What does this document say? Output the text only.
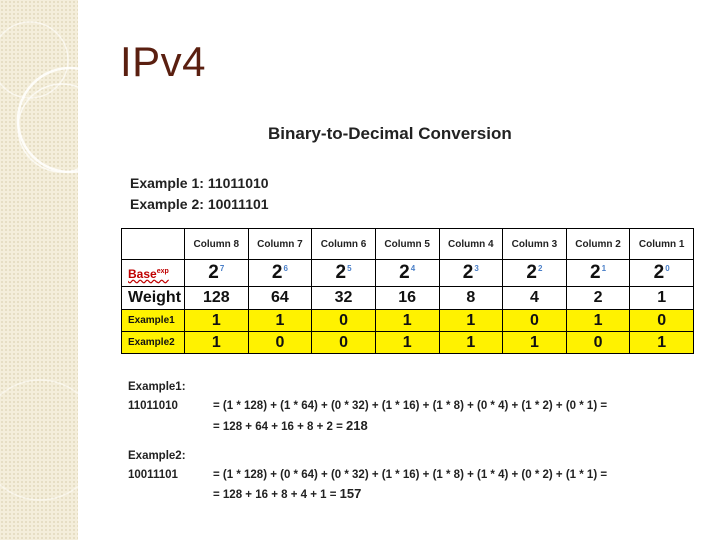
IPv4
Binary-to-Decimal Conversion
Example 1: 11011010
Example 2: 10011101
	Column 8	Column 7	Column 6	Column 5	Column 4	Column 3	Column 2	Column 1
Base$^{exp}$	$2^7$	$2^6$	$2^5$	$2^4$	$2^3$	$2^2$	$2^1$	$2^0$
Weight	128	64	32	16	8	4	2	1
Example1	1	1	0	1	1	0	1	0
Example2	1	0	0	1	1	1	0	1
Example1:
11011010	= (1 * 128) + (1 * 64) + (0 * 32) + (1 * 16) + (1 * 8) + (0 * 4) + (1 * 2) + (0 * 1) =
= 128 + 64 + 16 + 8 + 2 = 218
Example2:
10011101	= (1 * 128) + (0 * 64) + (0 * 32) + (1 * 16) + (1 * 8) + (1 * 4) + (0 * 2) + (1 * 1) =
= 128 + 16 + 8 + 4 + 1 = 157
